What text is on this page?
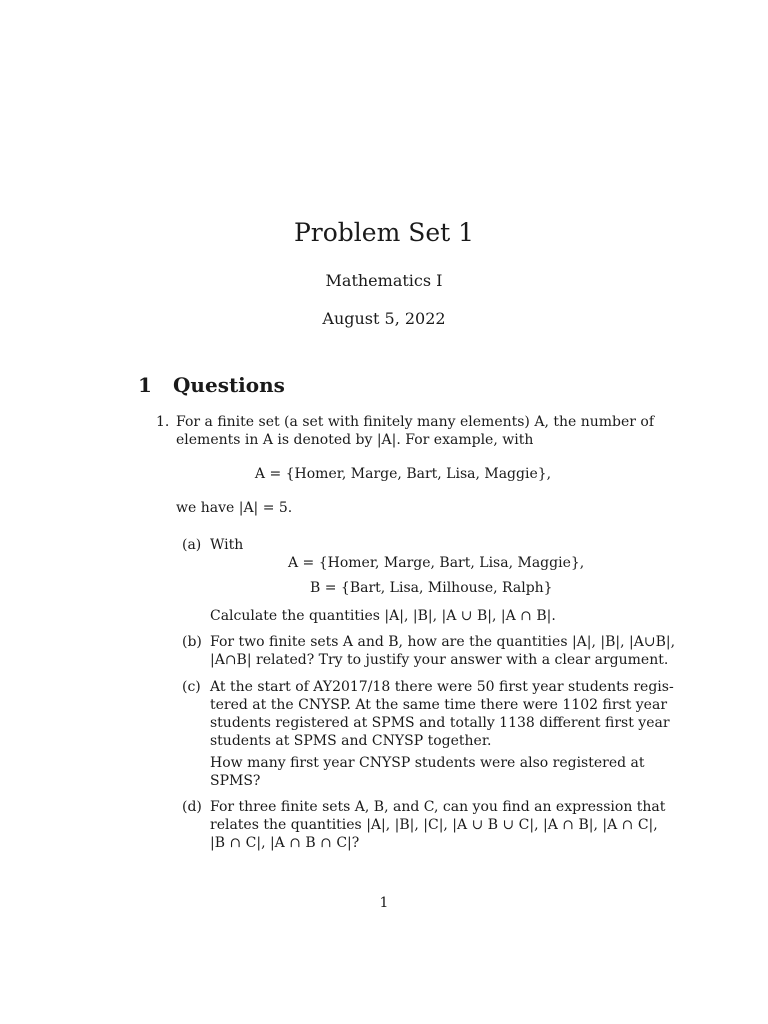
Problem Set 1
Mathematics I
August 5, 2022
1 Questions
1. For a finite set (a set with finitely many elements) A, the number of
elements in A is denoted by |A|. For example, with
A = {Homer, Marge, Bart, Lisa, Maggie},
we have |A| = 5.
(a) With
A = {Homer, Marge, Bart, Lisa, Maggie},
B = {Bart, Lisa, Milhouse, Ralph}
Calculate the quantities |A|, |B|, |A ∪ B|, |A ∩ B|.
(b) For two finite sets A and B, how are the quantities |A|, |B|, |A∪B|,
|A∩B| related? Try to justify your answer with a clear argument.
(c) At the start of AY2017/18 there were 50 first year students regis-
tered at the CNYSP. At the same time there were 1102 first year
students registered at SPMS and totally 1138 different first year
students at SPMS and CNYSP together.
How many first year CNYSP students were also registered at
SPMS?
(d) For three finite sets A, B, and C, can you find an expression that
relates the quantities |A|, |B|, |C|, |A ∪ B ∪ C|, |A ∩ B|, |A ∩ C|,
|B ∩ C|, |A ∩ B ∩ C|?
1
